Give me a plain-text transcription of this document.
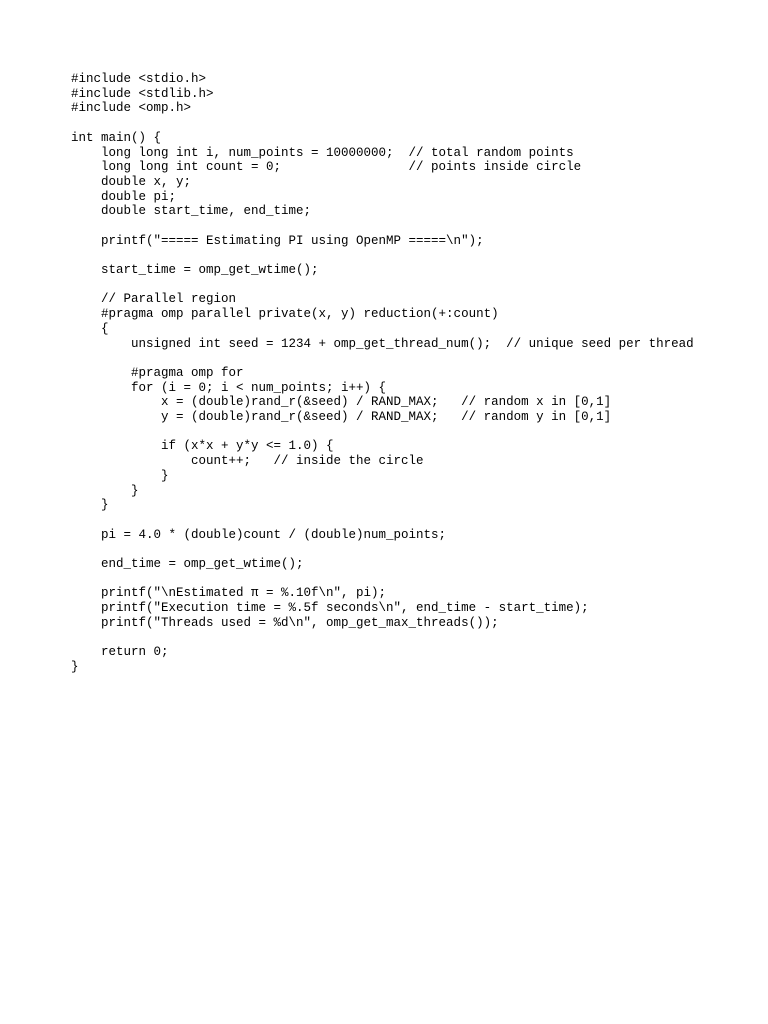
#include <stdio.h>
#include <stdlib.h>
#include <omp.h>
int main() {
long long int i, num_points = 10000000;  // total random points
long long int count = 0;                 // points inside circle
double x, y;
double pi;
double start_time, end_time;
printf("===== Estimating PI using OpenMP =====\n");
start_time = omp_get_wtime();
// Parallel region
#pragma omp parallel private(x, y) reduction(+:count)
{
unsigned int seed = 1234 + omp_get_thread_num();  // unique seed per thread
#pragma omp for
for (i = 0; i < num_points; i++) {
x = (double)rand_r(&seed) / RAND_MAX;   // random x in [0,1]
y = (double)rand_r(&seed) / RAND_MAX;   // random y in [0,1]
if (x*x + y*y <= 1.0) {
count++;   // inside the circle
}
}
}
pi = 4.0 * (double)count / (double)num_points;
end_time = omp_get_wtime();
printf("\nEstimated π = %.10f\n", pi);
printf("Execution time = %.5f seconds\n", end_time - start_time);
printf("Threads used = %d\n", omp_get_max_threads());
return 0;
}
